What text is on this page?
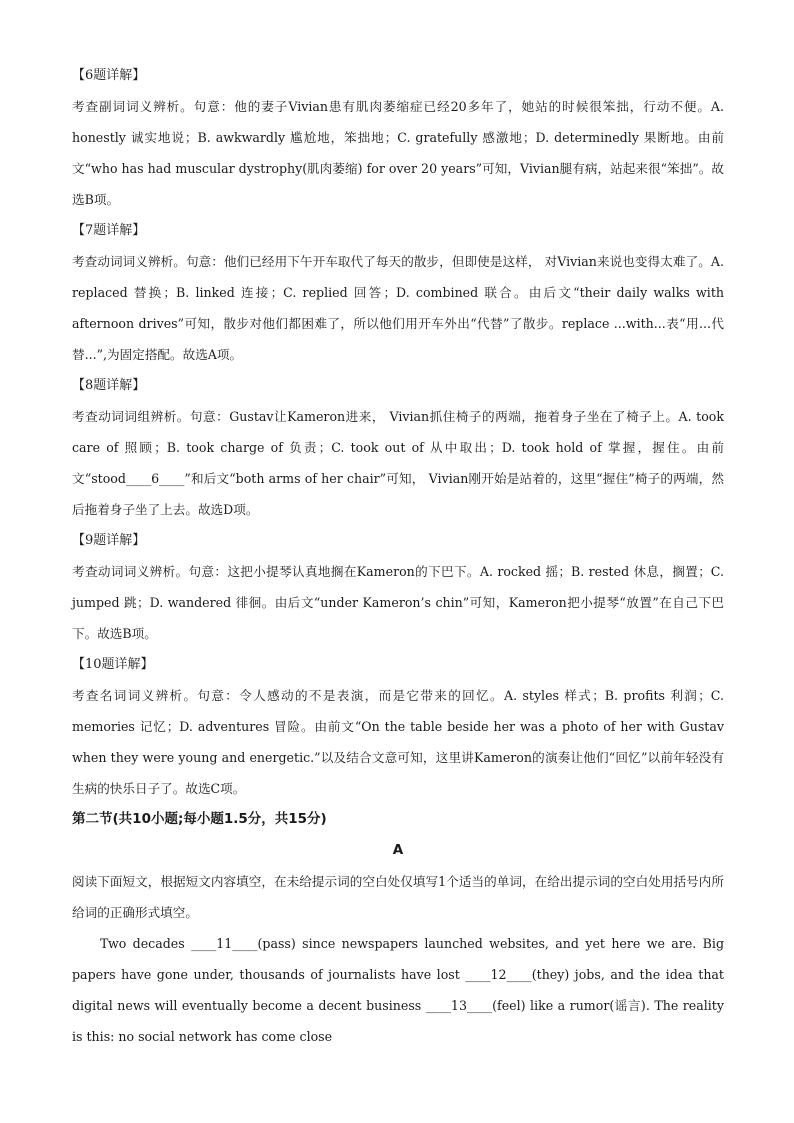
【6题详解】

考查副词词义辨析。句意：他的妻子Vivian患有肌肉萎缩症已经20多年了，她站的时候很笨拙，行动不便。A. honestly 诚实地说；B. awkwardly 尴尬地，笨拙地；C. gratefully 感激地；D. determinedly 果断地。由前文“who has had muscular dystrophy(肌肉萎缩) for over 20 years”可知，Vivian腿有病，站起来很“笨拙”。故选B项。

【7题详解】

考查动词词义辨析。句意：他们已经用下午开车取代了每天的散步，但即使是这样， 对Vivian来说也变得太难了。A. replaced 替换；B. linked 连接；C. replied 回答；D. combined 联合。由后文“their daily walks with afternoon drives”可知，散步对他们都困难了，所以他们用开车外出“代替”了散步。replace ...with...表“用...代替...”,为固定搭配。故选A项。

【8题详解】

考查动词词组辨析。句意：Gustav让Kameron进来， Vivian抓住椅子的两端，拖着身子坐在了椅子上。A. took care of 照顾；B. took charge of 负责；C. took out of 从中取出；D. took hold of 掌握，握住。由前文“stood____6____”和后文“both arms of her chair”可知， Vivian刚开始是站着的，这里“握住”椅子的两端，然后拖着身子坐了上去。故选D项。

【9题详解】

考查动词词义辨析。句意：这把小提琴认真地搁在Kameron的下巴下。A. rocked 摇；B. rested 休息，搁置；C. jumped 跳；D. wandered 徘徊。由后文“under Kameron’s chin”可知，Kameron把小提琴“放置”在自己下巴下。故选B项。

【10题详解】

考查名词词义辨析。句意：令人感动的不是表演，而是它带来的回忆。A. styles 样式；B. profits 利润；C. memories 记忆；D. adventures 冒险。由前文“On the table beside her was a photo of her with Gustav when they were young and energetic.”以及结合文意可知，这里讲Kameron的演奏让他们“回忆”以前年轻没有生病的快乐日子了。故选C项。

第二节(共10小题;每小题1.5分，共15分)

A

阅读下面短文，根据短文内容填空，在未给提示词的空白处仅填写1个适当的单词，在给出提示词的空白处用括号内所给词的正确形式填空。

Two decades ____11____(pass) since newspapers launched websites, and yet here we are. Big papers have gone under, thousands of journalists have lost ____12____(they) jobs, and the idea that digital news will eventually become a decent business ____13____(feel) like a rumor(谣言). The reality is this: no social network has come close
